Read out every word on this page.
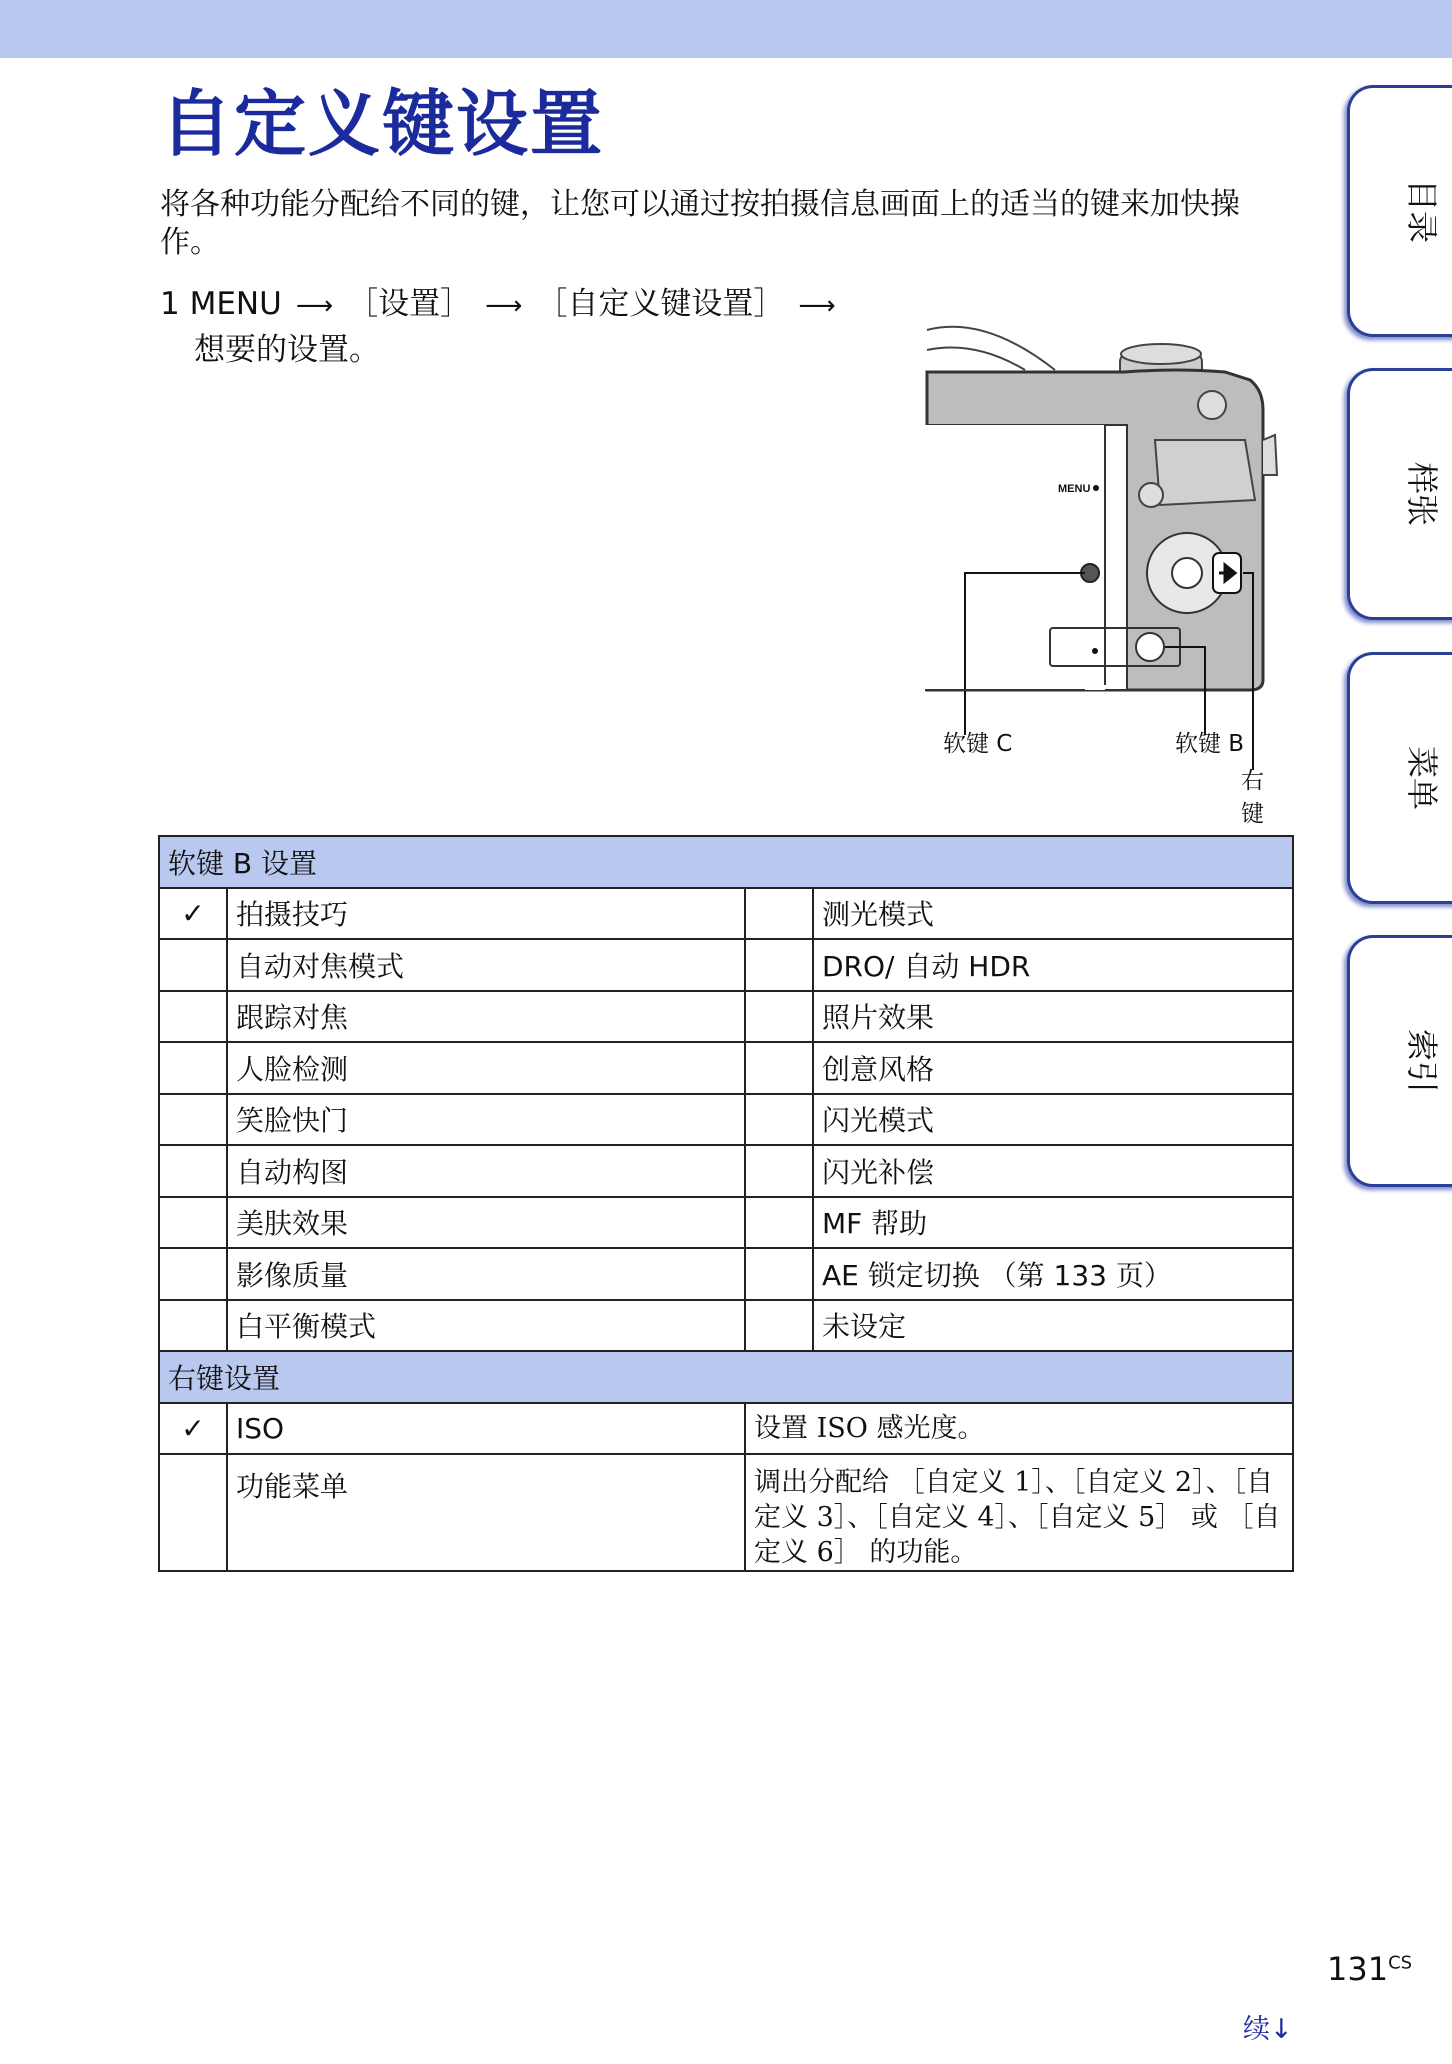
自定义键设置
将各种功能分配给不同的键，让您可以通过按拍摄信息画面上的适当的键来加快操作。
1 MENU ⟶ ［设置］ ⟶ ［自定义键设置］ ⟶
想要的设置。
目录
样张
菜单
索引
MENU
软键 C	软键 B
右键
软键 B 设置			
✓	拍摄技巧		测光模式
	自动对焦模式		DRO/ 自动 HDR
	跟踪对焦		照片效果
	人脸检测		创意风格
	笑脸快门		闪光模式
	自动构图		闪光补偿
	美肤效果		MF 帮助
	影像质量		AE 锁定切换 （第 133 页）
	白平衡模式		未设定
右键设置			
✓	ISO	设置 ISO 感光度。	
	功能菜单	调出分配给 ［自定义 1］、［自定义 2］、［自定义 3］、［自定义 4］、［自定义 5］ 或 ［自定义 6］ 的功能。	
$131^{CS}$
续↓
